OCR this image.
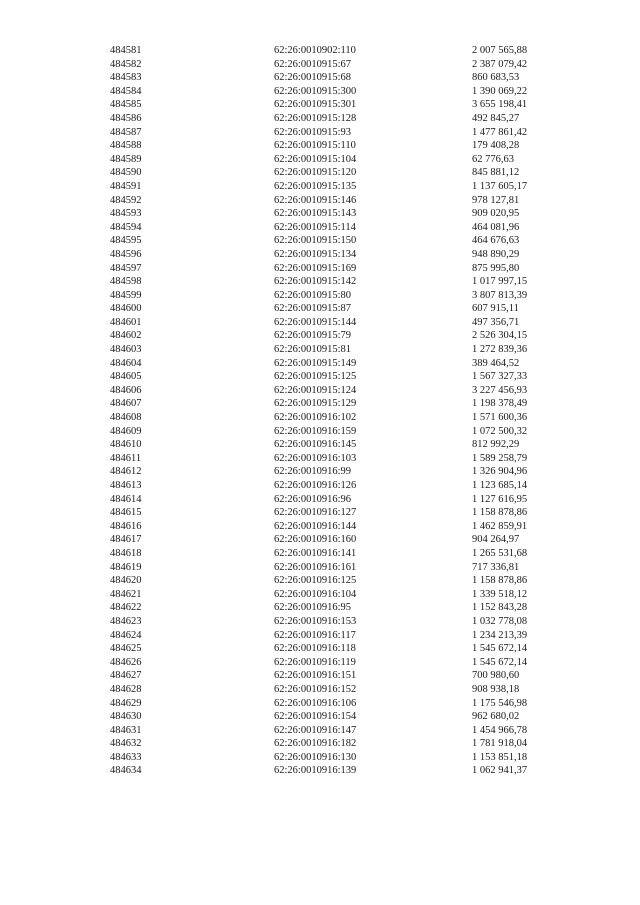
484581	62:26:0010902:110	2 007 565,88
484582	62:26:0010915:67	2 387 079,42
484583	62:26:0010915:68	860 683,53
484584	62:26:0010915:300	1 390 069,22
484585	62:26:0010915:301	3 655 198,41
484586	62:26:0010915:128	492 845,27
484587	62:26:0010915:93	1 477 861,42
484588	62:26:0010915:110	179 408,28
484589	62:26:0010915:104	62 776,63
484590	62:26:0010915:120	845 881,12
484591	62:26:0010915:135	1 137 605,17
484592	62:26:0010915:146	978 127,81
484593	62:26:0010915:143	909 020,95
484594	62:26:0010915:114	464 081,96
484595	62:26:0010915:150	464 676,63
484596	62:26:0010915:134	948 890,29
484597	62:26:0010915:169	875 995,80
484598	62:26:0010915:142	1 017 997,15
484599	62:26:0010915:80	3 807 813,39
484600	62:26:0010915:87	607 915,11
484601	62:26:0010915:144	497 356,71
484602	62:26:0010915:79	2 526 304,15
484603	62:26:0010915:81	1 272 839,36
484604	62:26:0010915:149	389 464,52
484605	62:26:0010915:125	1 567 327,33
484606	62:26:0010915:124	3 227 456,93
484607	62:26:0010915:129	1 198 378,49
484608	62:26:0010916:102	1 571 600,36
484609	62:26:0010916:159	1 072 500,32
484610	62:26:0010916:145	812 992,29
484611	62:26:0010916:103	1 589 258,79
484612	62:26:0010916:99	1 326 904,96
484613	62:26:0010916:126	1 123 685,14
484614	62:26:0010916:96	1 127 616,95
484615	62:26:0010916:127	1 158 878,86
484616	62:26:0010916:144	1 462 859,91
484617	62:26:0010916:160	904 264,97
484618	62:26:0010916:141	1 265 531,68
484619	62:26:0010916:161	717 336,81
484620	62:26:0010916:125	1 158 878,86
484621	62:26:0010916:104	1 339 518,12
484622	62:26:0010916:95	1 152 843,28
484623	62:26:0010916:153	1 032 778,08
484624	62:26:0010916:117	1 234 213,39
484625	62:26:0010916:118	1 545 672,14
484626	62:26:0010916:119	1 545 672,14
484627	62:26:0010916:151	700 980,60
484628	62:26:0010916:152	908 938,18
484629	62:26:0010916:106	1 175 546,98
484630	62:26:0010916:154	962 680,02
484631	62:26:0010916:147	1 454 966,78
484632	62:26:0010916:182	1 781 918,04
484633	62:26:0010916:130	1 153 851,18
484634	62:26:0010916:139	1 062 941,37
